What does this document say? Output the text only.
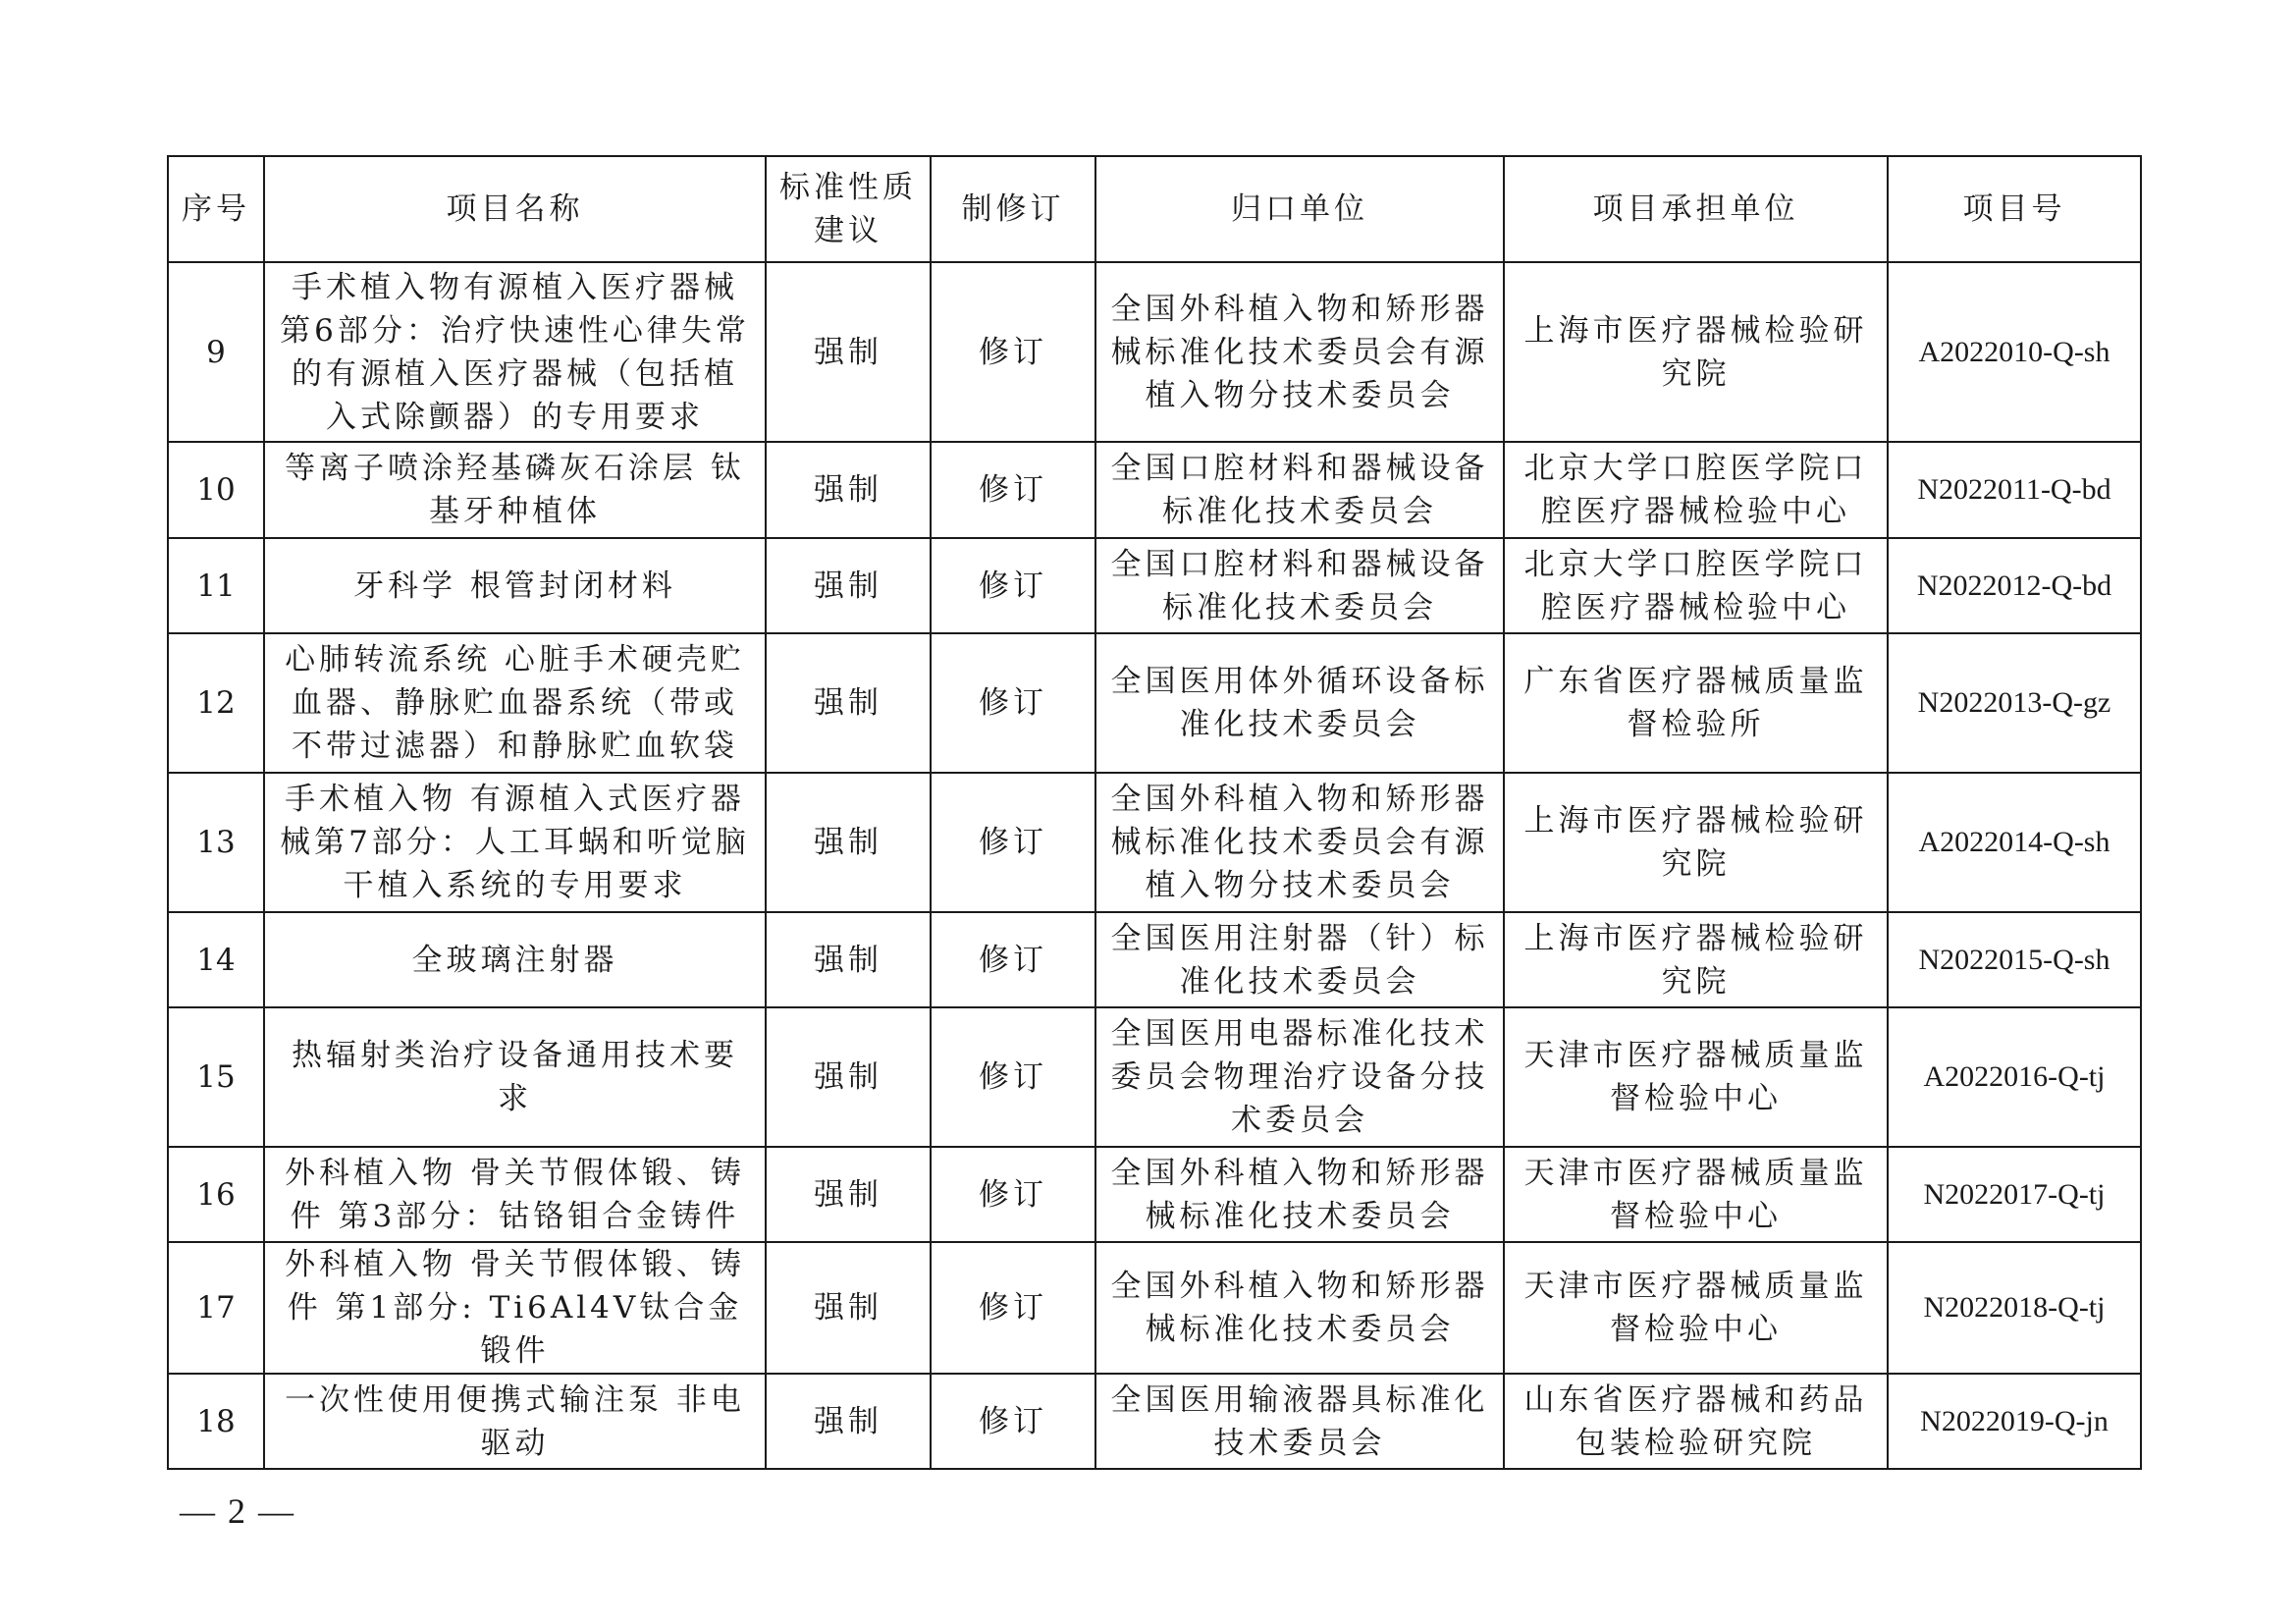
序号	项目名称	标准性质建议	制修订	归口单位	项目承担单位	项目号
9	手术植入物有源植入医疗器械第6部分：治疗快速性心律失常的有源植入医疗器械（包括植入式除颤器）的专用要求	强制	修订	全国外科植入物和矫形器械标准化技术委员会有源植入物分技术委员会	上海市医疗器械检验研究院	A2022010-Q-sh
10	等离子喷涂羟基磷灰石涂层 钛基牙种植体	强制	修订	全国口腔材料和器械设备标准化技术委员会	北京大学口腔医学院口腔医疗器械检验中心	N2022011-Q-bd
11	牙科学 根管封闭材料	强制	修订	全国口腔材料和器械设备标准化技术委员会	北京大学口腔医学院口腔医疗器械检验中心	N2022012-Q-bd
12	心肺转流系统 心脏手术硬壳贮血器、静脉贮血器系统（带或不带过滤器）和静脉贮血软袋	强制	修订	全国医用体外循环设备标准化技术委员会	广东省医疗器械质量监督检验所	N2022013-Q-gz
13	手术植入物 有源植入式医疗器械第7部分：人工耳蜗和听觉脑干植入系统的专用要求	强制	修订	全国外科植入物和矫形器械标准化技术委员会有源植入物分技术委员会	上海市医疗器械检验研究院	A2022014-Q-sh
14	全玻璃注射器	强制	修订	全国医用注射器（针）标准化技术委员会	上海市医疗器械检验研究院	N2022015-Q-sh
15	热辐射类治疗设备通用技术要求	强制	修订	全国医用电器标准化技术委员会物理治疗设备分技术委员会	天津市医疗器械质量监督检验中心	A2022016-Q-tj
16	外科植入物 骨关节假体锻、铸件 第3部分：钴铬钼合金铸件	强制	修订	全国外科植入物和矫形器械标准化技术委员会	天津市医疗器械质量监督检验中心	N2022017-Q-tj
17	外科植入物 骨关节假体锻、铸件 第1部分: Ti6Al4V钛合金锻件	强制	修订	全国外科植入物和矫形器械标准化技术委员会	天津市医疗器械质量监督检验中心	N2022018-Q-tj
18	一次性使用便携式输注泵 非电驱动	强制	修订	全国医用输液器具标准化技术委员会	山东省医疗器械和药品包装检验研究院	N2022019-Q-jn
— 2 —
